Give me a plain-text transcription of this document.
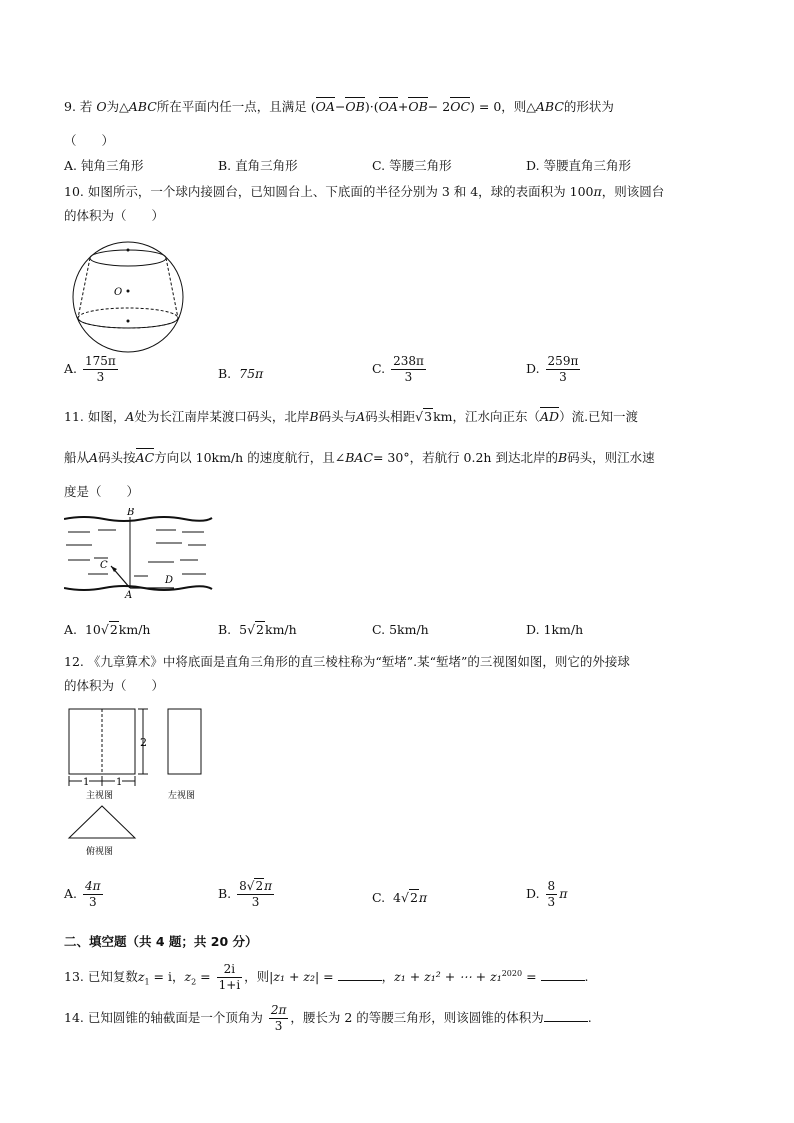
9. 若 O为△ABC所在平面内任一点，且满足 (OA−OB)·(OA+OB− 2OC) = 0，则△ABC的形状为
（　　）
A. 钝角三角形	B. 直角三角形	C. 等腰三角形	D. 等腰直角三角形
10. 如图所示，一个球内接圆台，已知圆台上、下底面的半径分别为 3 和 4，球的表面积为 100π，则该圆台
的体积为（　　）
O
A. $\frac{175\pi}{3}$	B. 75π	C. $\frac{238\pi}{3}$	D. $\frac{259\pi}{3}$
11. 如图，A处为长江南岸某渡口码头，北岸B码头与A码头相距√3km，江水向正东（AD）流.已知一渡
船从A码头按AC方向以 10km/h 的速度航行，且∠BAC= 30°，若航行 0.2h 到达北岸的B码头，则江水速
度是（　　）
B
C
D
A
A. 10√2km/h	B. 5√2km/h	C. 5km/h	D. 1km/h
12. 《九章算术》中将底面是直角三角形的直三棱柱称为“堑堵”.某“堑堵”的三视图如图，则它的外接球
的体积为（　　）
2
1	1
主视图	左视图
俯视图
A. $\frac{4\pi}{3}$	B. $\frac{8√2\pi}{3}$	C. 4√2π	D. $\frac{8}{3}$ π
二、填空题（共 4 题；共 20 分）
13. 已知复数$z_1 = i$，$z_2 = \frac{2i}{1+i}$ ，则|z₁ + z₂| =	，z₁ + z₁² + ⋯ + z₁$^{2020}$ =	.
14. 已知圆锥的轴截面是一个顶角为 $\frac{2\pi}{3}$ ，腰长为 2 的等腰三角形，则该圆锥的体积为	.
